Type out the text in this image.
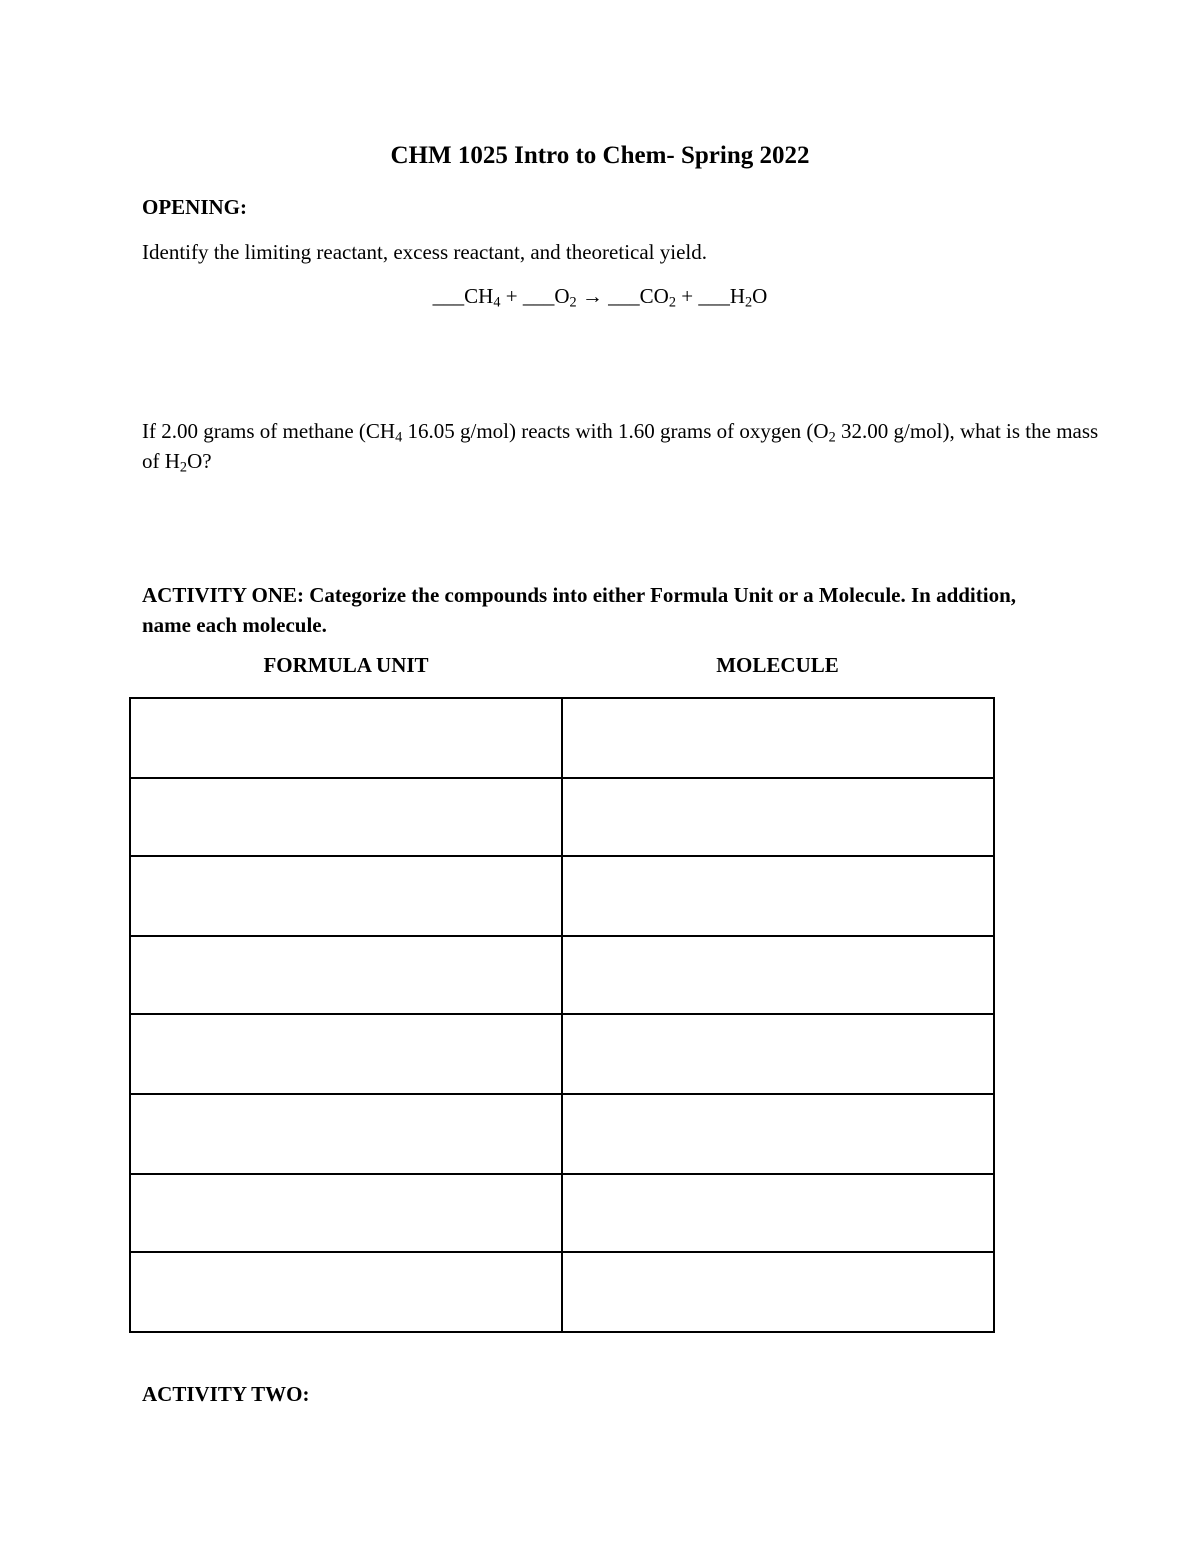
CHM 1025 Intro to Chem- Spring 2022
OPENING:
Identify the limiting reactant, excess reactant, and theoretical yield.
$\_\_\_CH_4$ + $\_\_\_O_2$ → $\_\_\_CO_2$ + $\_\_\_H_2O$
If 2.00 grams of methane ($CH_4$ 16.05 g/mol) reacts with 1.60 grams of oxygen ($O_2$ 32.00 g/mol), what is the mass of $H_2O$?
ACTIVITY ONE: Categorize the compounds into either Formula Unit or a Molecule. In addition, name each molecule.
FORMULA UNIT	MOLECULE

ACTIVITY TWO:
